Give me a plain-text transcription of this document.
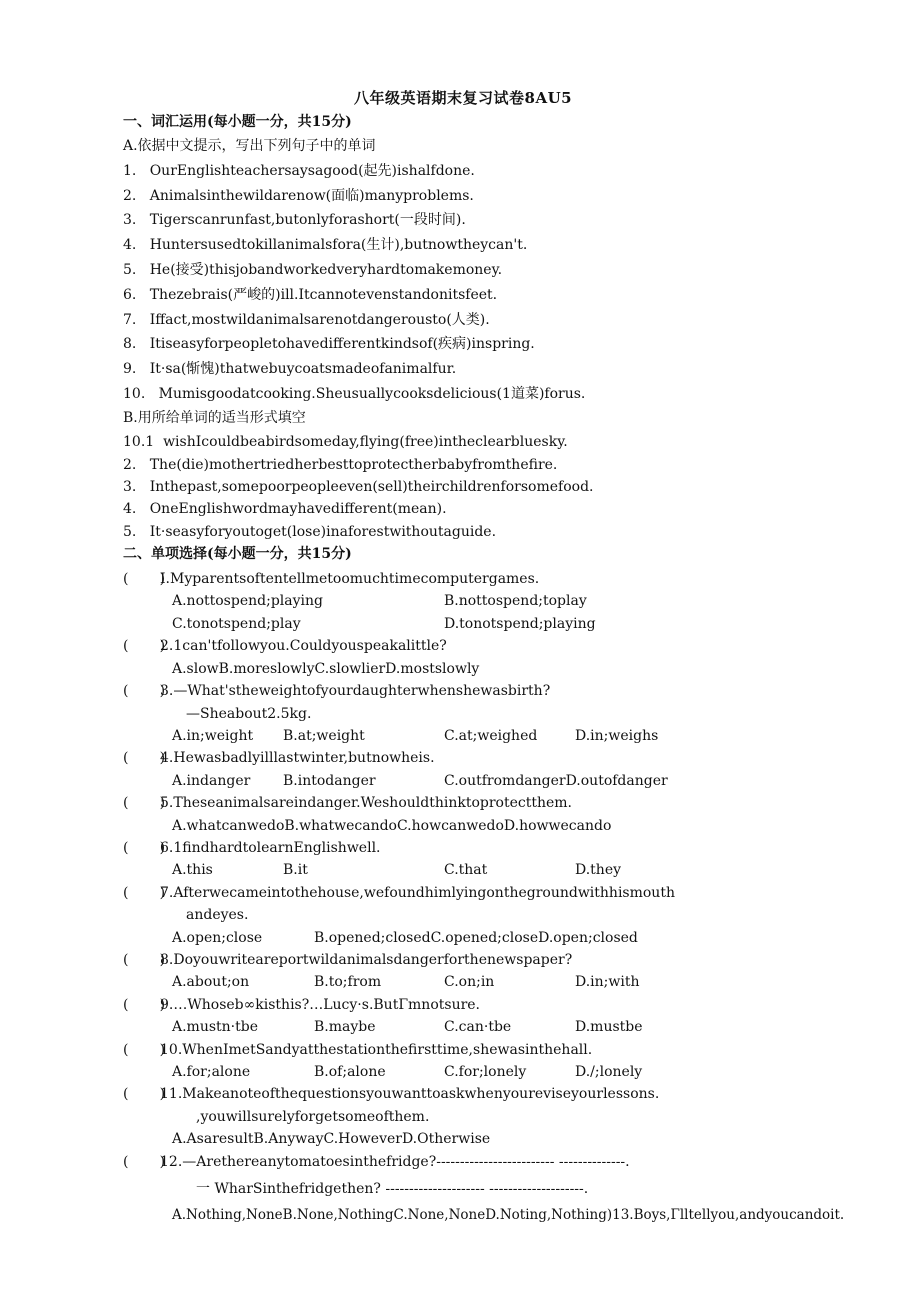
八年级英语期末复习试卷8AU5
一、词汇运用(每小题一分，共15分)
A.依据中文提示，写出下列句子中的单词
1.   OurEnglishteachersaysagood(起先)ishalfdone.
2.   Animalsinthewildarenow(面临)manyproblems.
3.   Tigerscanrunfast,butonlyforashort(一段时间).
4.   Huntersusedtokillanimalsfora(生计),butnowtheycan't.
5.   He(接受)thisjobandworkedveryhardtomakemoney.
6.   Thezebrais(严峻的)ill.Itcannotevenstandonitsfeet.
7.   Iffact,mostwildanimalsarenotdangerousto(人类).
8.   Itiseasyforpeopletohavedifferentkindsof(疾病)inspring.
9.   It·sa(惭愧)thatwebuycoatsmadeofanimalfur.
10.   Mumisgoodatcooking.Sheusuallycooksdelicious(1道菜)forus.
B.用所给单词的适当形式填空
10.1  wishIcouldbeabirdsomeday,flying(free)intheclearbluesky.
2.   The(die)mothertriedherbesttoprotectherbabyfromthefire.
3.   Inthepast,somepoorpeopleeven(sell)theirchildrenforsomefood.
4.   OneEnglishwordmayhavedifferent(mean).
5.   It·seasyforyoutoget(lose)inaforestwithoutaguide.
二、单项选择(每小题一分，共15分)
(       )
I.Myparentsoftentellmetoomuchtimecomputergames.
A.nottospend;playing	B.nottospend;toplay
C.tonotspend;play	D.tonotspend;playing
(       )
2.1can'tfollowyou.Couldyouspeakalittle?
A.slowB.moreslowlyC.slowlierD.mostslowly
(       )
3.—What'stheweightofyourdaughterwhenshewasbirth?
—Sheabout2.5kg.
A.in;weight B.at;weight	C.at;weighed	D.in;weighs
(       )
4.Hewasbadlyilllastwinter,butnowheis.
A.indanger B.intodanger	C.outfromdangerD.outofdanger
(       )
5.Theseanimalsareindanger.Weshouldthinktoprotectthem.
A.whatcanwedoB.whatwecandoC.howcanwedoD.howwecando
(       )
6.1findhardtolearnEnglishwell.
A.this	B.it	C.that	D.they
(       )
7.Afterwecameintothehouse,wefoundhimlyingonthegroundwithhismouth
andeyes.
A.open;close	B.opened;closedC.opened;closeD.open;closed
(       )
8.Doyouwriteareportwildanimalsdangerforthenewspaper?
A.about;on	B.to;from	C.on;in	D.in;with
(       )
9.…Whoseb∞kisthis?…Lucy·s.ButΓmnotsure.
A.mustn·tbe	B.maybe	C.can·tbe	D.mustbe
(       )
10.WhenImetSandyatthestationthefirsttime,shewasinthehall.
A.for;alone	B.of;alone	C.for;lonely	D./;lonely
(       )
11.Makeanoteofthequestionsyouwanttoaskwhenyoureviseyourlessons.
,youwillsurelyforgetsomeofthem.
A.AsaresultB.AnywayC.HoweverD.Otherwise
(       )
12.—Arethereanytomatoesinthefridge?------------------------- --------------.
一 WharSinthefridgethen? --------------------- --------------------.
A.Nothing,NoneB.None,NothingC.None,NoneD.Noting,Nothing)13.Boys,Γlltellyou,andyoucandoit.
